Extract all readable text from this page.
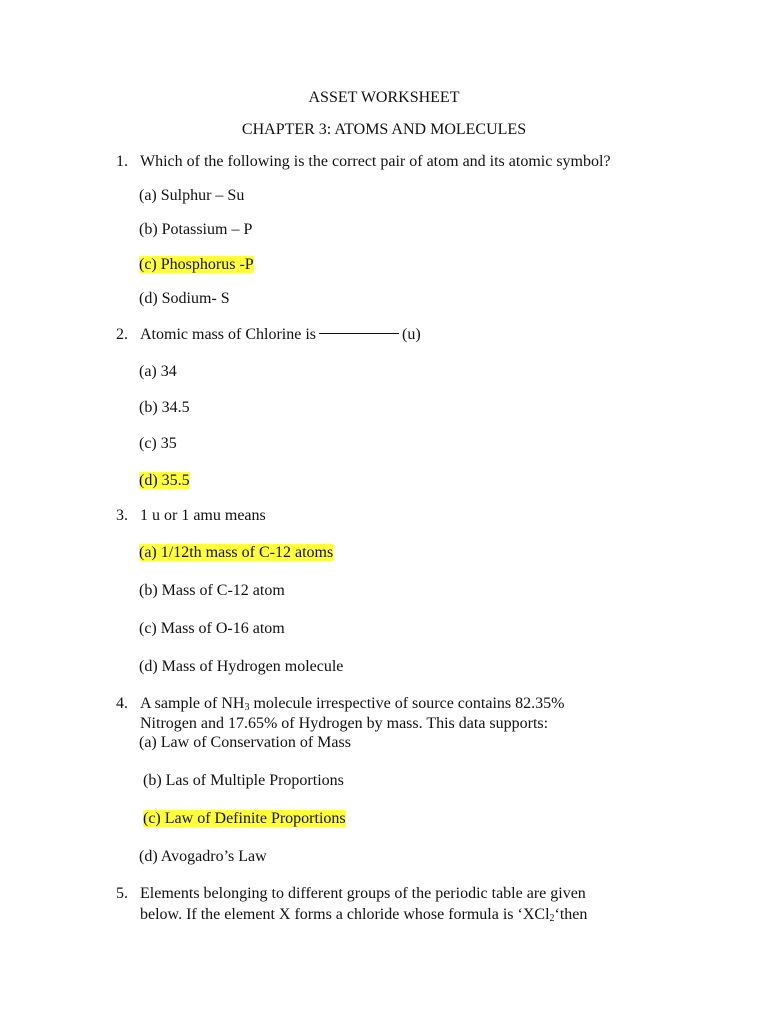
ASSET WORKSHEET
CHAPTER 3: ATOMS AND MOLECULES
1. Which of the following is the correct pair of atom and its atomic symbol?
(a) Sulphur – Su
(b) Potassium – P
(c) Phosphorus -P
(d) Sodium- S
2. Atomic mass of Chlorine is	(u)
(a) 34
(b) 34.5
(c) 35
(d) 35.5
3. 1 u or 1 amu means
(a) 1/12th mass of C-12 atoms
(b) Mass of C-12 atom
(c) Mass of O-16 atom
(d) Mass of Hydrogen molecule
4. A sample of $NH_3$ molecule irrespective of source contains 82.35%
Nitrogen and 17.65% of Hydrogen by mass. This data supports:
(a) Law of Conservation of Mass
(b) Las of Multiple Proportions
(c) Law of Definite Proportions
(d) Avogadro’s Law
5. Elements belonging to different groups of the periodic table are given
below. If the element X forms a chloride whose formula is ‘XCl$_2$‘then
